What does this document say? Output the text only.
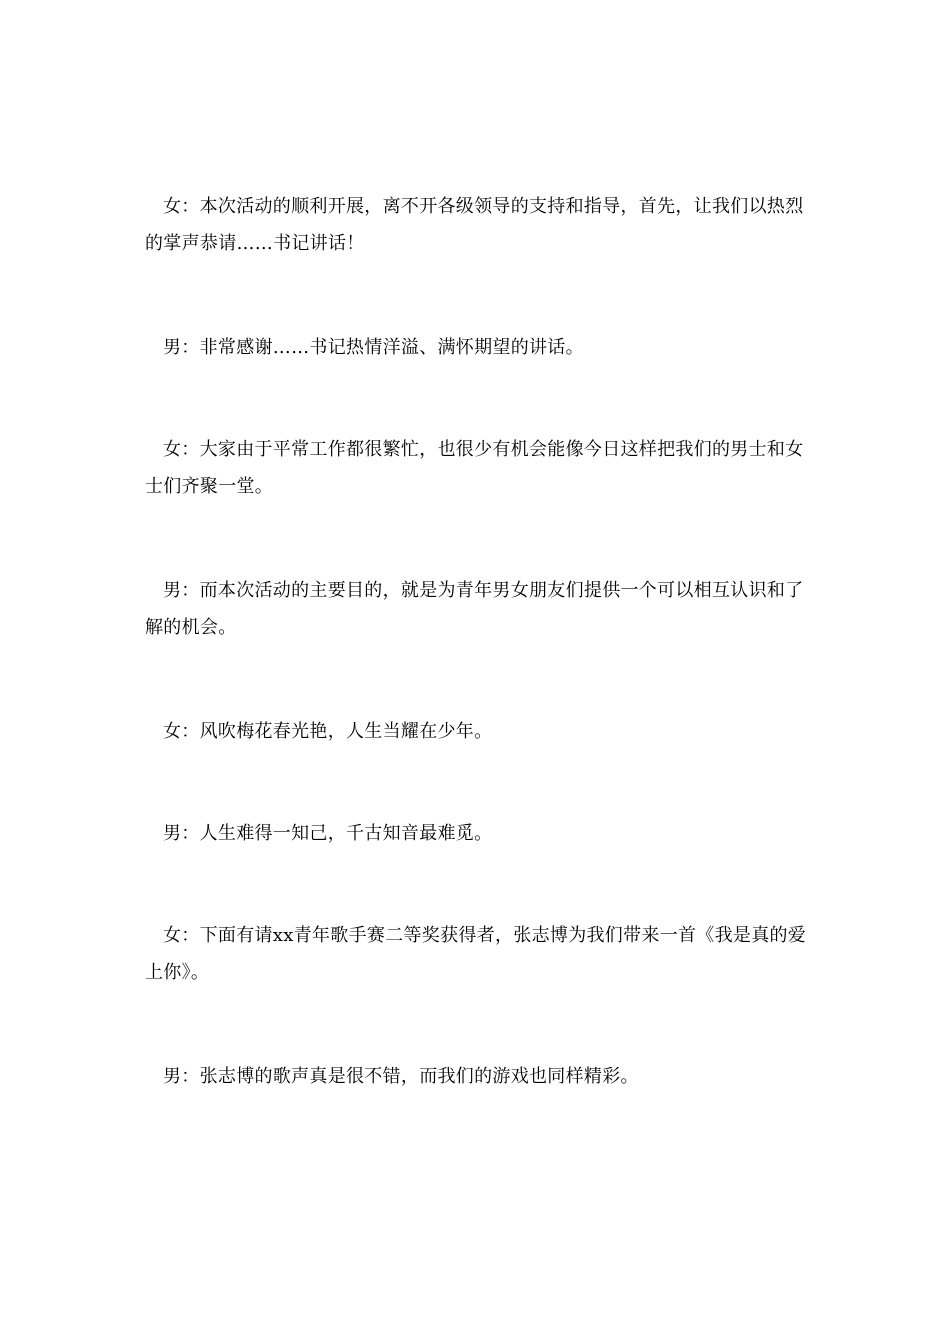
女：本次活动的顺利开展，离不开各级领导的支持和指导，首先，让我们以热烈的掌声恭请……书记讲话！

男：非常感谢……书记热情洋溢、满怀期望的讲话。

女：大家由于平常工作都很繁忙，也很少有机会能像今日这样把我们的男士和女士们齐聚一堂。

男：而本次活动的主要目的，就是为青年男女朋友们提供一个可以相互认识和了解的机会。

女：风吹梅花春光艳，人生当耀在少年。

男：人生难得一知己，千古知音最难觅。

女：下面有请xx青年歌手赛二等奖获得者，张志博为我们带来一首《我是真的爱上你》。

男：张志博的歌声真是很不错，而我们的游戏也同样精彩。
